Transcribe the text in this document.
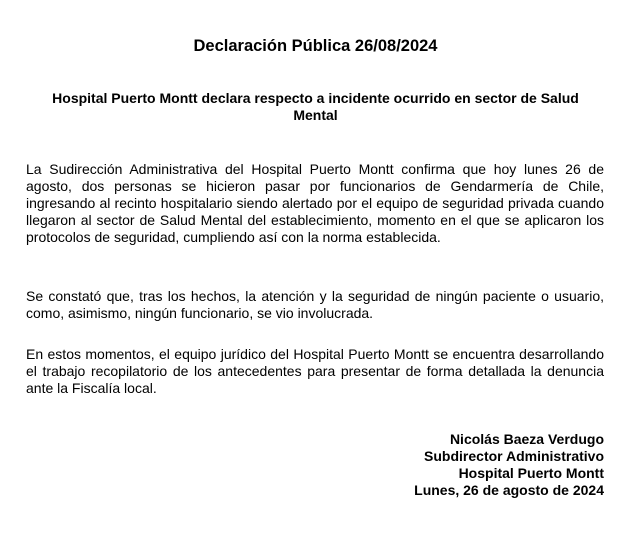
Declaración Pública 26/08/2024
Hospital Puerto Montt declara respecto a incidente ocurrido en sector de Salud Mental

La Sudirección Administrativa del Hospital Puerto Montt confirma que hoy lunes 26 de agosto, dos personas se hicieron pasar por funcionarios de Gendarmería de Chile, ingresando al recinto hospitalario siendo alertado por el equipo de seguridad privada cuando llegaron al sector de Salud Mental del establecimiento, momento en el que se aplicaron los protocolos de seguridad, cumpliendo así con la norma establecida.

Se constató que, tras los hechos, la atención y la seguridad de ningún paciente o usuario, como, asimismo, ningún funcionario, se vio involucrada.

En estos momentos, el equipo jurídico del Hospital Puerto Montt se encuentra desarrollando el trabajo recopilatorio de los antecedentes para presentar de forma detallada la denuncia ante la Fiscalía local.

Nicolás Baeza Verdugo
Subdirector Administrativo
Hospital Puerto Montt
Lunes, 26 de agosto de 2024
